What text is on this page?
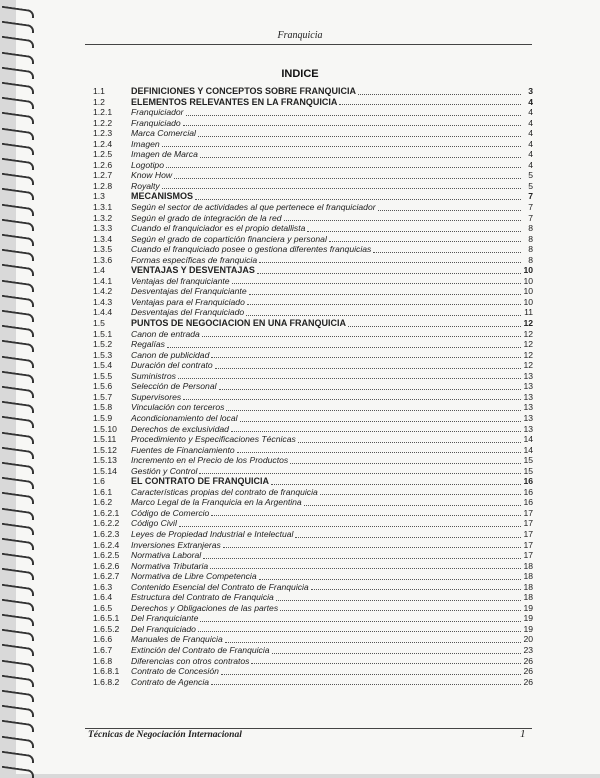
Franquicia
INDICE
1.1	DEFINICIONES Y CONCEPTOS SOBRE FRANQUICIA	3
1.2	ELEMENTOS RELEVANTES EN LA FRANQUICIA	4
1.2.1	Franquiciador	4
1.2.2	Franquiciado	4
1.2.3	Marca Comercial	4
1.2.4	Imagen	4
1.2.5	Imagen de Marca	4
1.2.6	Logotipo	4
1.2.7	Know How	5
1.2.8	Royalty	5
1.3	MECANISMOS	7
1.3.1	Según el sector de actividades al que pertenece el franquiciador	7
1.3.2	Según el grado de integración de la red	7
1.3.3	Cuando el franquiciador es el propio detallista	8
1.3.4	Según el grado de copartición financiera y personal	8
1.3.5	Cuando el franquiciado posee o gestiona diferentes franquicias	8
1.3.6	Formas específicas de franquicia	8
1.4	VENTAJAS Y DESVENTAJAS	10
1.4.1	Ventajas del franquiciante	10
1.4.2	Desventajas del Franquiciante	10
1.4.3	Ventajas para el Franquiciado	10
1.4.4	Desventajas del Franquiciado	11
1.5	PUNTOS DE NEGOCIACION EN UNA FRANQUICIA	12
1.5.1	Canon de entrada	12
1.5.2	Regalías	12
1.5.3	Canon de publicidad	12
1.5.4	Duración del contrato	12
1.5.5	Suministros	13
1.5.6	Selección de Personal	13
1.5.7	Supervisores	13
1.5.8	Vinculación con terceros	13
1.5.9	Acondicionamiento del local	13
1.5.10	Derechos de exclusividad	13
1.5.11	Procedimiento y Especificaciones Técnicas	14
1.5.12	Fuentes de Financiamiento	14
1.5.13	Incremento en el Precio de los Productos	15
1.5.14	Gestión y Control	15
1.6	EL CONTRATO DE FRANQUICIA	16
1.6.1	Características propias del contrato de franquicia	16
1.6.2	Marco Legal de la Franquicia en la Argentina	16
1.6.2.1	Código de Comercio	17
1.6.2.2	Código Civil	17
1.6.2.3	Leyes de Propiedad Industrial e Intelectual	17
1.6.2.4	Inversiones Extranjeras	17
1.6.2.5	Normativa Laboral	17
1.6.2.6	Normativa Tributaria	18
1.6.2.7	Normativa de Libre Competencia	18
1.6.3	Contenido Esencial del Contrato de Franquicia	18
1.6.4	Estructura del Contrato de Franquicia	18
1.6.5	Derechos y Obligaciones de las partes	19
1.6.5.1	Del Franquiciante	19
1.6.5.2	Del Franquiciado	19
1.6.6	Manuales de Franquicia	20
1.6.7	Extinción del Contrato de Franquicia	23
1.6.8	Diferencias con otros contratos	26
1.6.8.1	Contrato de Concesión	26
1.6.8.2	Contrato de Agencia	26
Técnicas de Negociación Internacional	1
